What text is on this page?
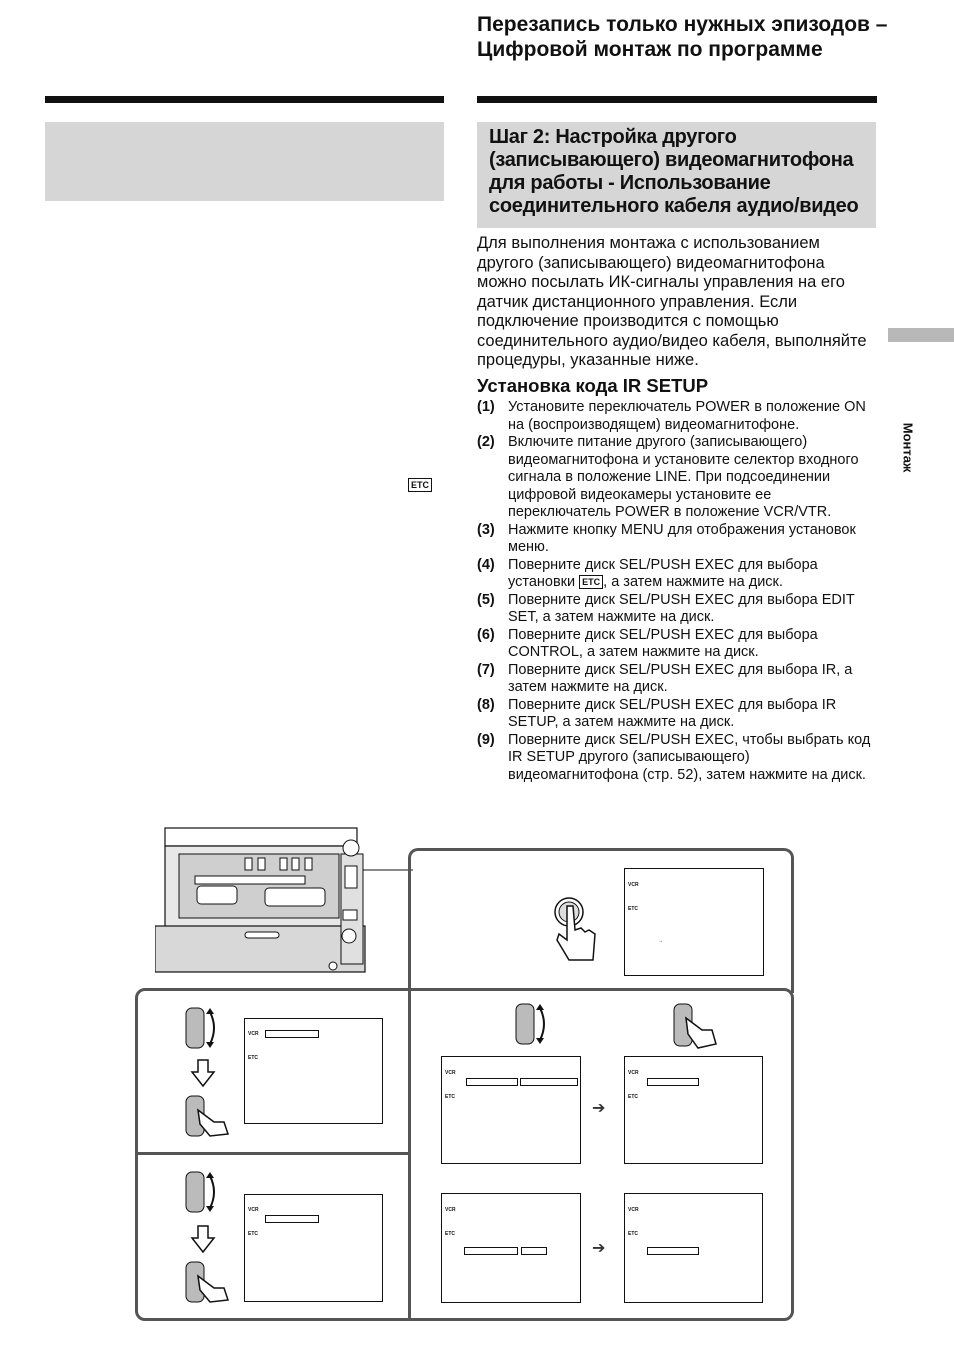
ETC
Перезапись только нужных эпизодов – Цифровой монтаж по программе
Шаг 2: Настройка другого (записывающего) видеомагнитофона для работы - Использование соединительного кабеля аудио/видео

Для выполнения монтажа с использованием другого (записывающего) видеомагнитофона можно посылать ИК-сигналы управления на его датчик дистанционного управления. Если подключение производится с помощью соединительного аудио/видео кабеля, выполняйте процедуры, указанные ниже.

Установка кода IR SETUP
(1) Установите переключатель POWER в положение ON на (воспроизводящем) видеомагнитофоне.
(2) Включите питание другого (записывающего) видеомагнитофона и установите селектор входного сигнала в положение LINE. При подсоединении цифровой видеокамеры установите ее переключатель POWER в положение VCR/VTR.
(3) Нажмите кнопку MENU для отображения установок меню.
(4) Поверните диск SEL/PUSH EXEC для выбора установки ETC , а затем нажмите на диск.
(5) Поверните диск SEL/PUSH EXEC для выбора EDIT SET, а затем нажмите на диск.
(6) Поверните диск SEL/PUSH EXEC для выбора CONTROL, а затем нажмите на диск.
(7) Поверните диск SEL/PUSH EXEC для выбора IR, а затем нажмите на диск.
(8) Поверните диск SEL/PUSH EXEC для выбора IR SETUP, а затем нажмите на диск.
(9) Поверните диск SEL/PUSH EXEC, чтобы выбрать код IR SETUP другого (записывающего) видеомагнитофона (стр. 52), затем нажмите на диск.
Монтаж
VCR
ETC
→
VCR
ETC
VCR
ETC
VCR
ETC
➔
VCR
ETC
VCR
ETC
➔
VCR
ETC
